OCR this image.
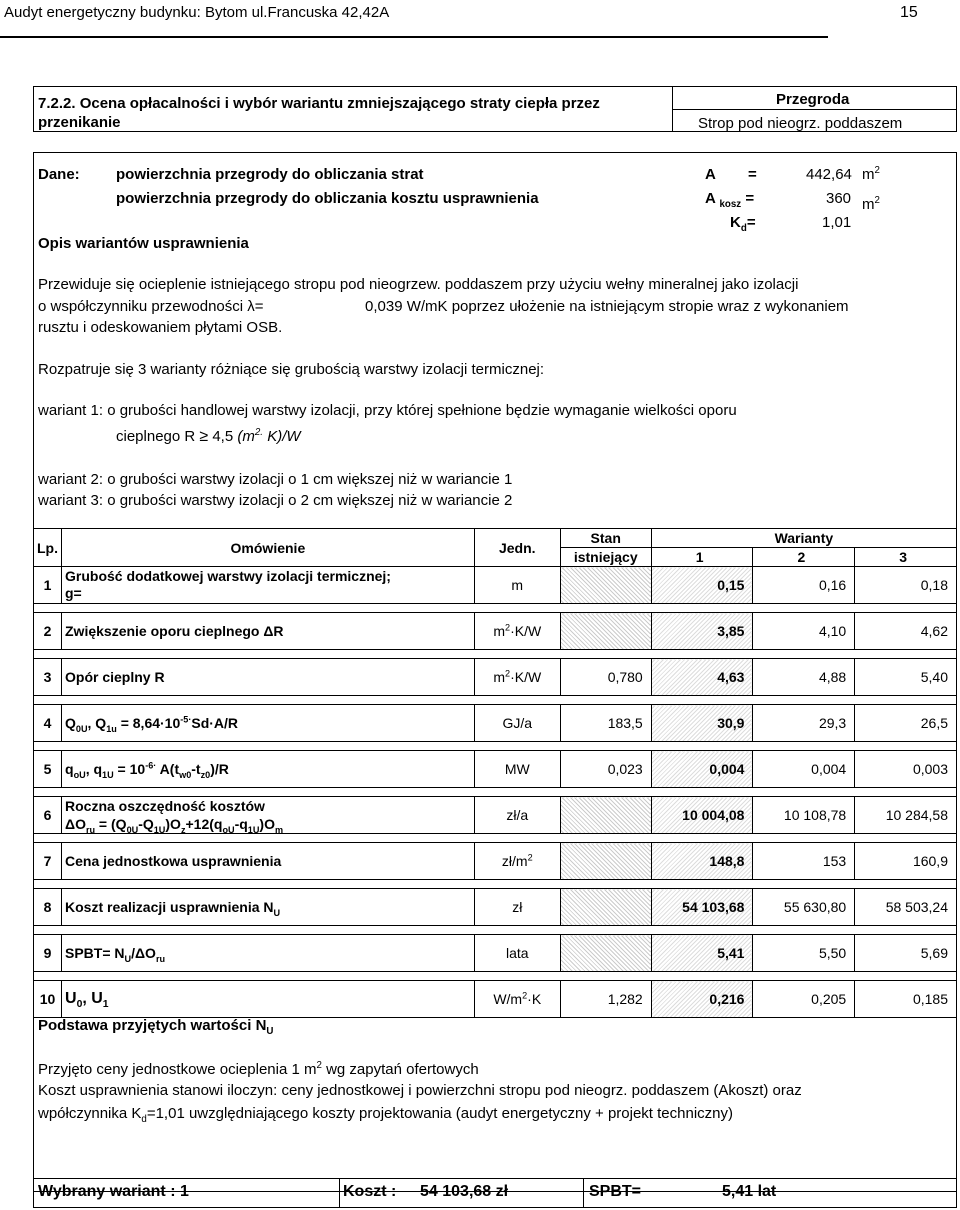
Audyt energetyczny budynku: Bytom ul.Francuska 42,42A	15
7.2.2. Ocena opłacalności i wybór wariantu zmniejszającego straty ciepła przez przenikanie
Przegroda
Strop pod nieogrz. poddaszem
Dane: powierzchnia przegrody do obliczania strat	A =	442,64 $m^2$
powierzchnia przegrody do obliczania kosztu usprawnienia	A $_{kosz}$ =	360 $m^2$
$K_d=$	1,01
Opis wariantów usprawnienia
Przewiduje się ocieplenie istniejącego stropu pod nieogrzew. poddaszem przy użyciu wełny mineralnej jako izolacji
o współczynniku przewodności λ=	0,039 W/mK poprzez ułożenie na istniejącym stropie wraz z wykonaniem
rusztu i odeskowaniem płytami OSB.
Rozpatruje się 3 warianty różniące się grubością warstwy izolacji termicznej:
wariant 1: o grubości handlowej warstwy izolacji, przy której spełnione będzie wymaganie wielkości oporu
cieplnego R ≥ 4,5 ($m^{2.}$ K)/W
wariant 2: o grubości warstwy izolacji o 1 cm większej niż w wariancie 1
wariant 3: o grubości warstwy izolacji o 2 cm większej niż w wariancie 2
Lp.	Omówienie	Jedn.	Stan	Warianty		
			istniejący	1	2	3
1	Grubość dodatkowej warstwy izolacji termicznej;
g=	m		0,15	0,16	0,18

2	Zwiększenie oporu cieplnego ΔR	$m^2\cdot K/W$		3,85	4,10	4,62

3	Opór cieplny R	$m^2\cdot K/W$	0,780	4,63	4,88	5,40

4	$Q_{0U}$, $Q_{1u} = 8,64\cdot 10^{-5\cdot}Sd\cdot A/R$	GJ/a	183,5	30,9	29,3	26,5

5	$q_{oU}$, $q_{1U} = 10^{-6\cdot}$ $A(t_{w0}-t_{z0})/R$	MW	0,023	0,004	0,004	0,003

6	Roczna oszczędność kosztów
$\Delta O_{ru} = (Q_{0U}-Q_{1U})O_z+12(q_{oU}-q_{1U})O_m$	zł/a		10 004,08	10 108,78	10 284,58

7	Cena jednostkowa usprawnienia	$zł/m^2$		148,8	153	160,9

8	Koszt realizacji usprawnienia $N_U$	zł		54 103,68	55 630,80	58 503,24

9	SPBT= $N_U/\Delta O_{ru}$	lata		5,41	5,50	5,69

10	$U_0$, $U_1$	$W/m^2\cdot K$	1,282	0,216	0,205	0,185
Podstawa przyjętych wartości $N_U$
Przyjęto ceny jednostkowe ocieplenia 1 $m^2$ wg zapytań ofertowych
Koszt usprawnienia stanowi iloczyn: ceny jednostkowej i powierzchni stropu pod nieogrz. poddaszem (Akoszt) oraz
wpółczynnika $K_d=1,01$ uwzględniającego koszty projektowania (audyt energetyczny + projekt techniczny)
Wybrany wariant : 1	Koszt : 54 103,68 zł	SPBT=	5,41 lat
